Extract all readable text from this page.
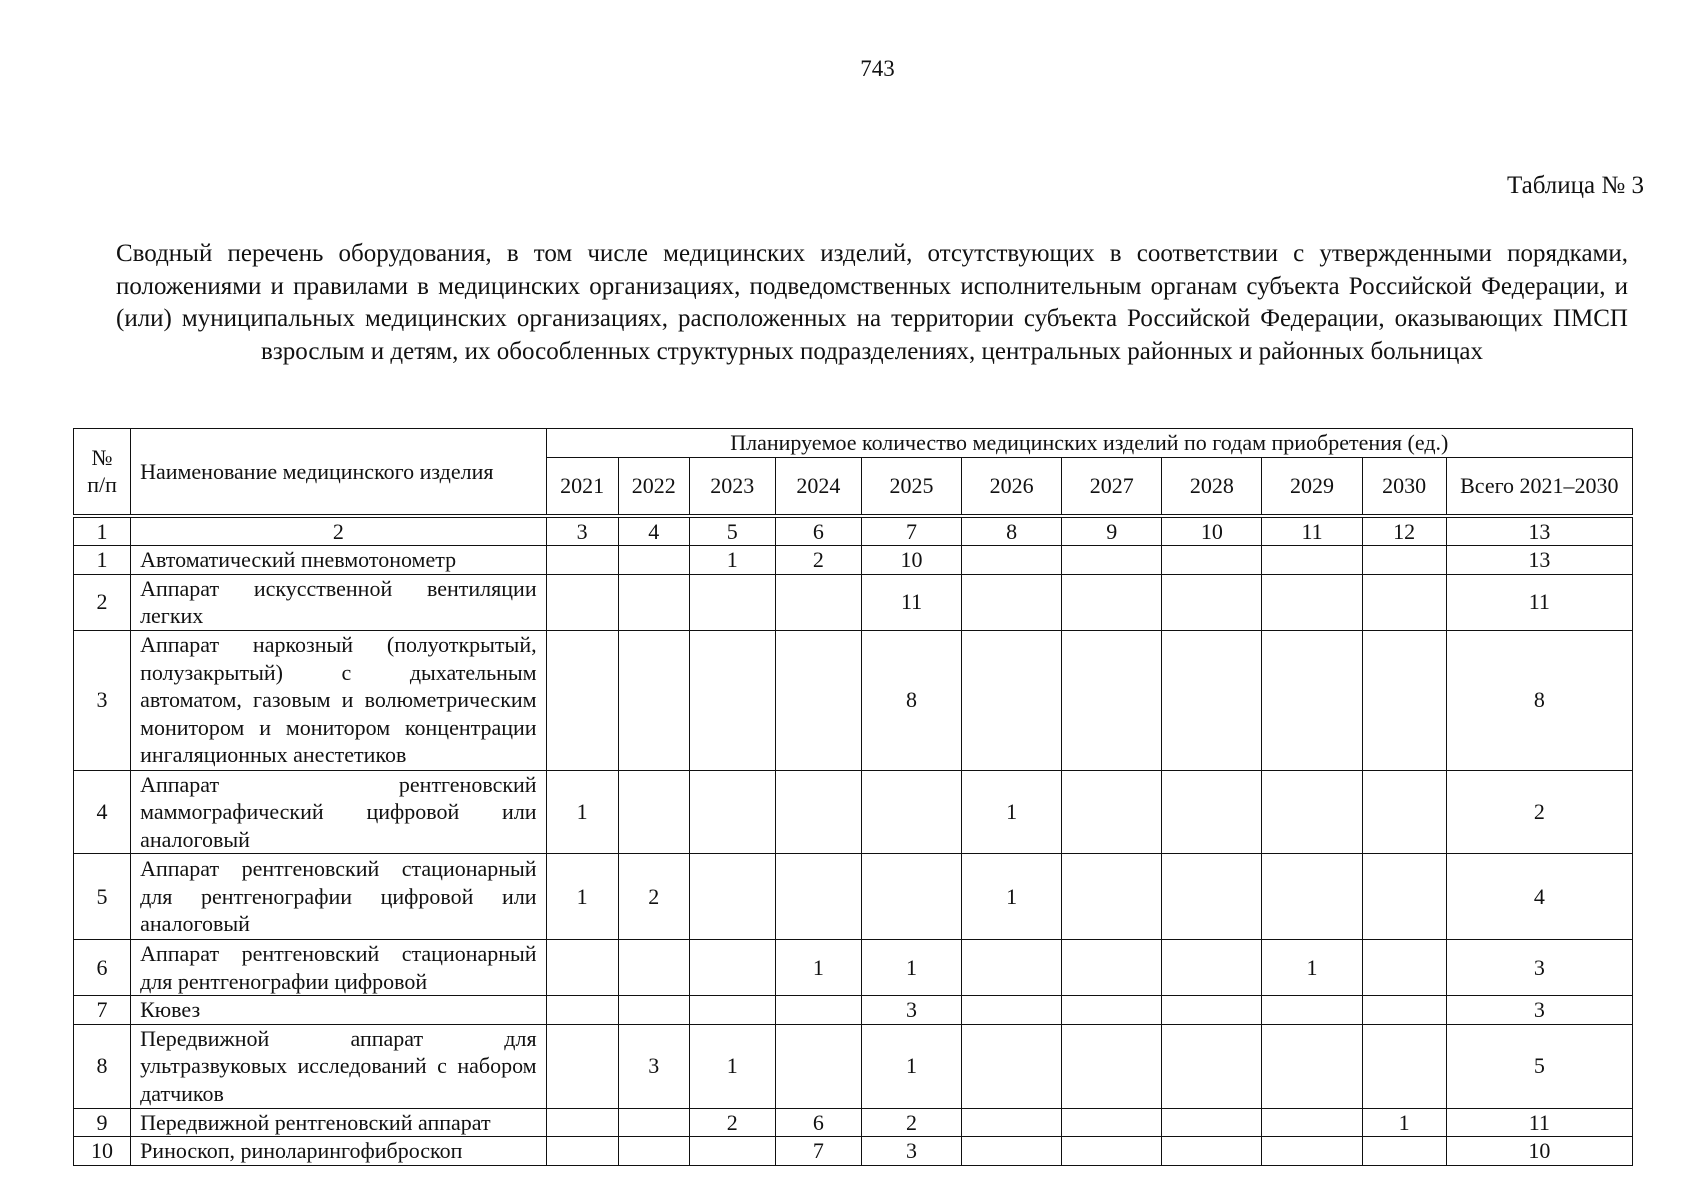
743
Таблица № 3
Сводный перечень оборудования, в том числе медицинских изделий, отсутствующих в соответствии с утвержденными порядками, положениями и правилами в медицинских организациях, подведомственных исполнительным органам субъекта Российской Федерации, и (или) муниципальных медицинских организациях, расположенных на территории субъекта Российской Федерации, оказывающих ПМСП взрослым и детям, их обособленных структурных подразделениях, центральных районных и районных больницах
№ п/п	Наименование медицинского изделия	Планируемое количество медицинских изделий по годам приобретения (ед.)										
		2021	2022	2023	2024	2025	2026	2027	2028	2029	2030	Всего 2021–2030
1	2	3	4	5	6	7	8	9	10	11	12	13
1	Автоматический пневмотонометр			1	2	10						13
2	Аппарат искусственной вентиляции легких					11						11
3	Аппарат наркозный (полуоткрытый, полузакрытый) с дыхательным автоматом, газовым и волюметрическим монитором и монитором концентрации ингаляционных анестетиков					8						8
4	Аппарат рентгеновский маммографический цифровой или аналоговый	1					1					2
5	Аппарат рентгеновский стационарный для рентгенографии цифровой или аналоговый	1	2				1					4
6	Аппарат рентгеновский стационарный для рентгенографии цифровой				1	1				1		3
7	Кювез					3						3
8	Передвижной аппарат для ультразвуковых исследований с набором датчиков		3	1		1						5
9	Передвижной рентгеновский аппарат			2	6	2					1	11
10	Риноскоп, риноларингофиброскоп				7	3						10
